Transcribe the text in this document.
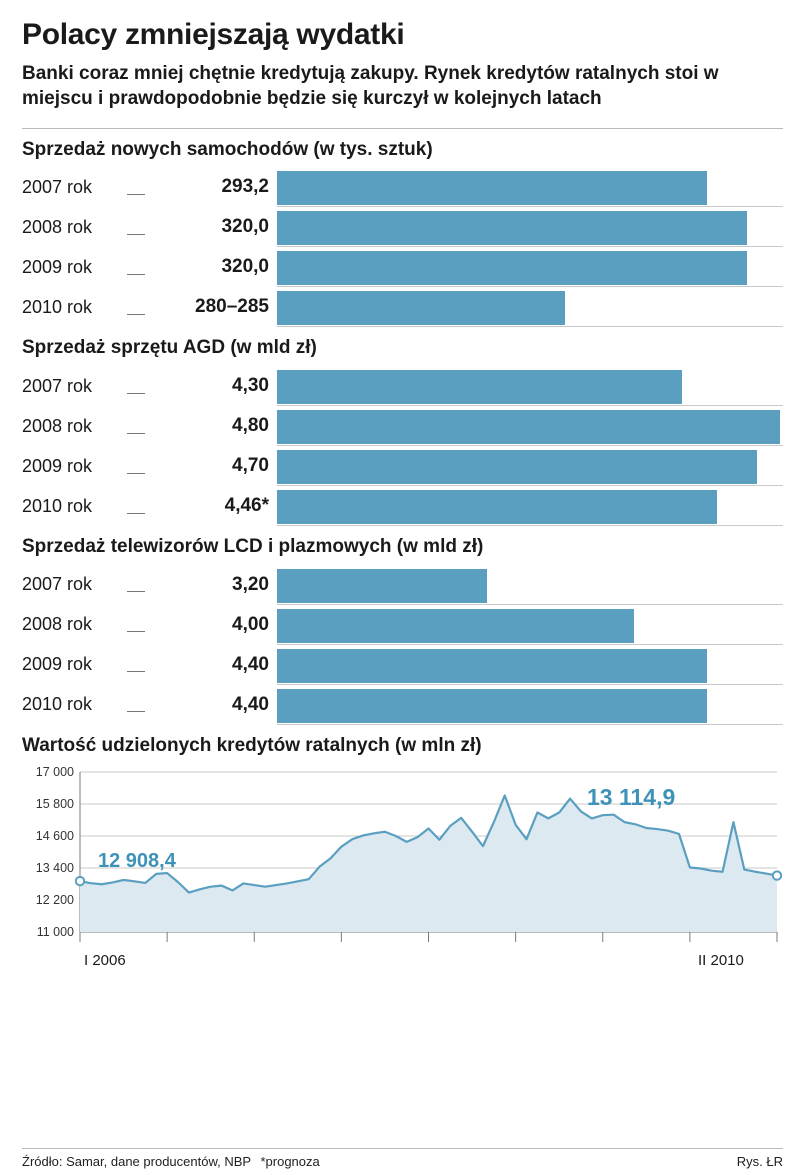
Polacy zmniejszają wydatki

Banki coraz mniej chętnie kredytują zakupy. Rynek kredytów ratalnych stoi w miejscu i prawdopodobnie będzie się kurczył w kolejnych latach

Sprzedaż nowych samochodów (w tys. sztuk)
2007 rok	293,2
2008 rok	320,0
2009 rok	320,0
2010 rok	280–285
Sprzedaż sprzętu AGD (w mld zł)
2007 rok	4,30
2008 rok	4,80
2009 rok	4,70
2010 rok	4,46*
Sprzedaż telewizorów LCD i plazmowych (w mld zł)
2007 rok	3,20
2008 rok	4,00
2009 rok	4,40
2010 rok	4,40
Wartość udzielonych kredytów ratalnych (w mln zł)
11 000
12 200
13 400
14 600
15 800
17 000
12 908,4
13 114,9
I 2006	II 2010
Źródło: Samar, dane producentów, NBP *prognoza	Rys. ŁR
